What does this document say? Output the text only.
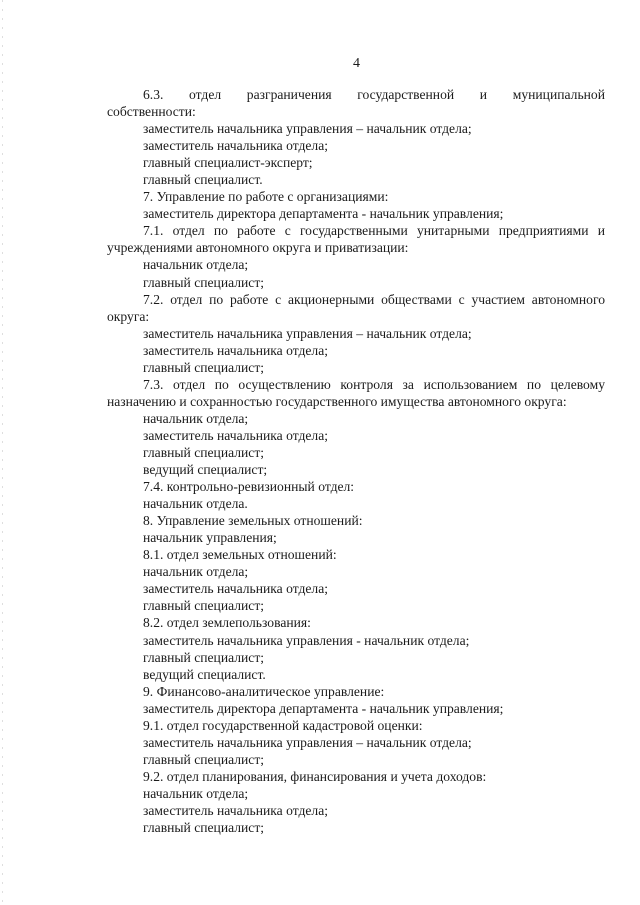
4
6.3. отдел разграничения государственной и муниципальной
собственности:
заместитель начальника управления – начальник отдела;
заместитель начальника отдела;
главный специалист-эксперт;
главный специалист.
7. Управление по работе с организациями:
заместитель директора департамента - начальник управления;
7.1. отдел по работе с государственными унитарными предприятиями и
учреждениями автономного округа и приватизации:
начальник отдела;
главный специалист;
7.2. отдел по работе с акционерными обществами с участием автономного
округа:
заместитель начальника управления – начальник отдела;
заместитель начальника отдела;
главный специалист;
7.3. отдел по осуществлению контроля за использованием по целевому
назначению и сохранностью государственного имущества автономного округа:
начальник отдела;
заместитель начальника отдела;
главный специалист;
ведущий специалист;
7.4. контрольно-ревизионный отдел:
начальник отдела.
8. Управление земельных отношений:
начальник управления;
8.1. отдел земельных отношений:
начальник отдела;
заместитель начальника отдела;
главный специалист;
8.2. отдел землепользования:
заместитель начальника управления - начальник отдела;
главный специалист;
ведущий специалист.
9. Финансово-аналитическое управление:
заместитель директора департамента - начальник управления;
9.1. отдел государственной кадастровой оценки:
заместитель начальника управления – начальник отдела;
главный специалист;
9.2. отдел планирования, финансирования и учета доходов:
начальник отдела;
заместитель начальника отдела;
главный специалист;
